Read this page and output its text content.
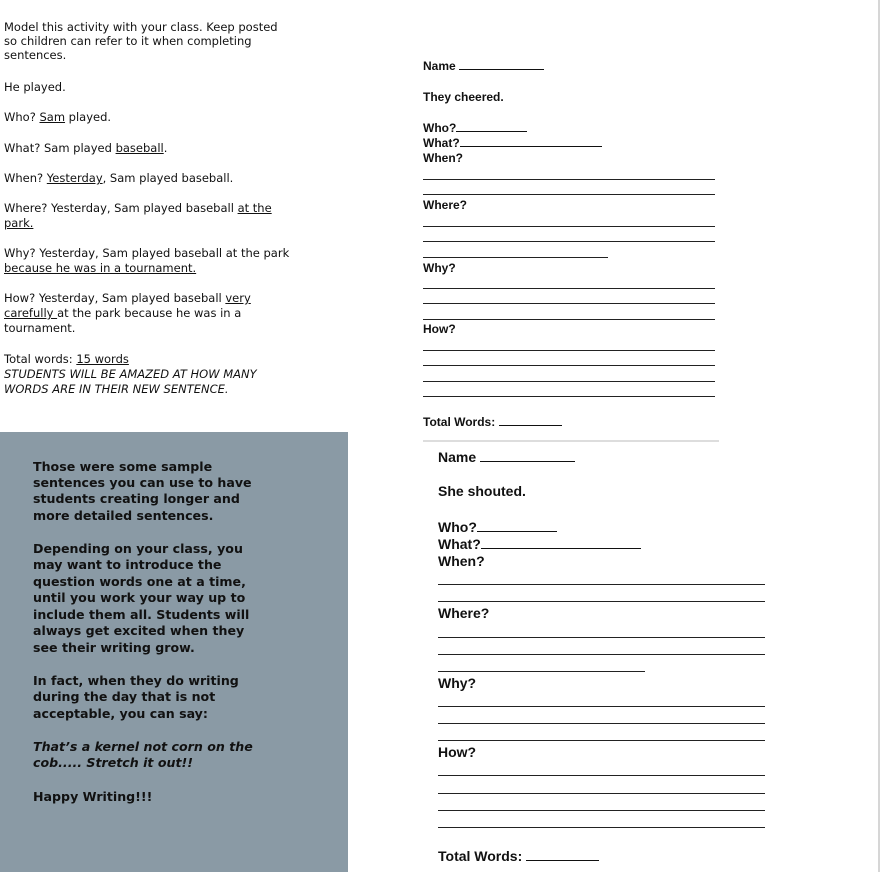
Model this activity with your class. Keep posted
so children can refer to it when completing
sentences.
He played.
Who? Sam played.
What? Sam played baseball.
When? Yesterday, Sam played baseball.
Where? Yesterday, Sam played baseball at the
park.
Why? Yesterday, Sam played baseball at the park
because he was in a tournament.
How? Yesterday, Sam played baseball very
carefully at the park because he was in a
tournament.
Total words: 15 words
STUDENTS WILL BE AMAZED AT HOW MANY
WORDS ARE IN THEIR NEW SENTENCE.

Those were some sample

sentences you can use to have

students creating longer and

more detailed sentences.

Depending on your class, you

may want to introduce the

question words one at a time,

until you work your way up to

include them all. Students will

always get excited when they

see their writing grow.

In fact, when they do writing

during the day that is not

acceptable, you can say:

That’s a kernel not corn on the

cob..... Stretch it out!!

Happy Writing!!!

Name
They cheered.
Who?
What?
When?
Where?
Why?
How?
Total Words:
Name
She shouted.
Who?
What?
When?
Where?
Why?
How?
Total Words:
